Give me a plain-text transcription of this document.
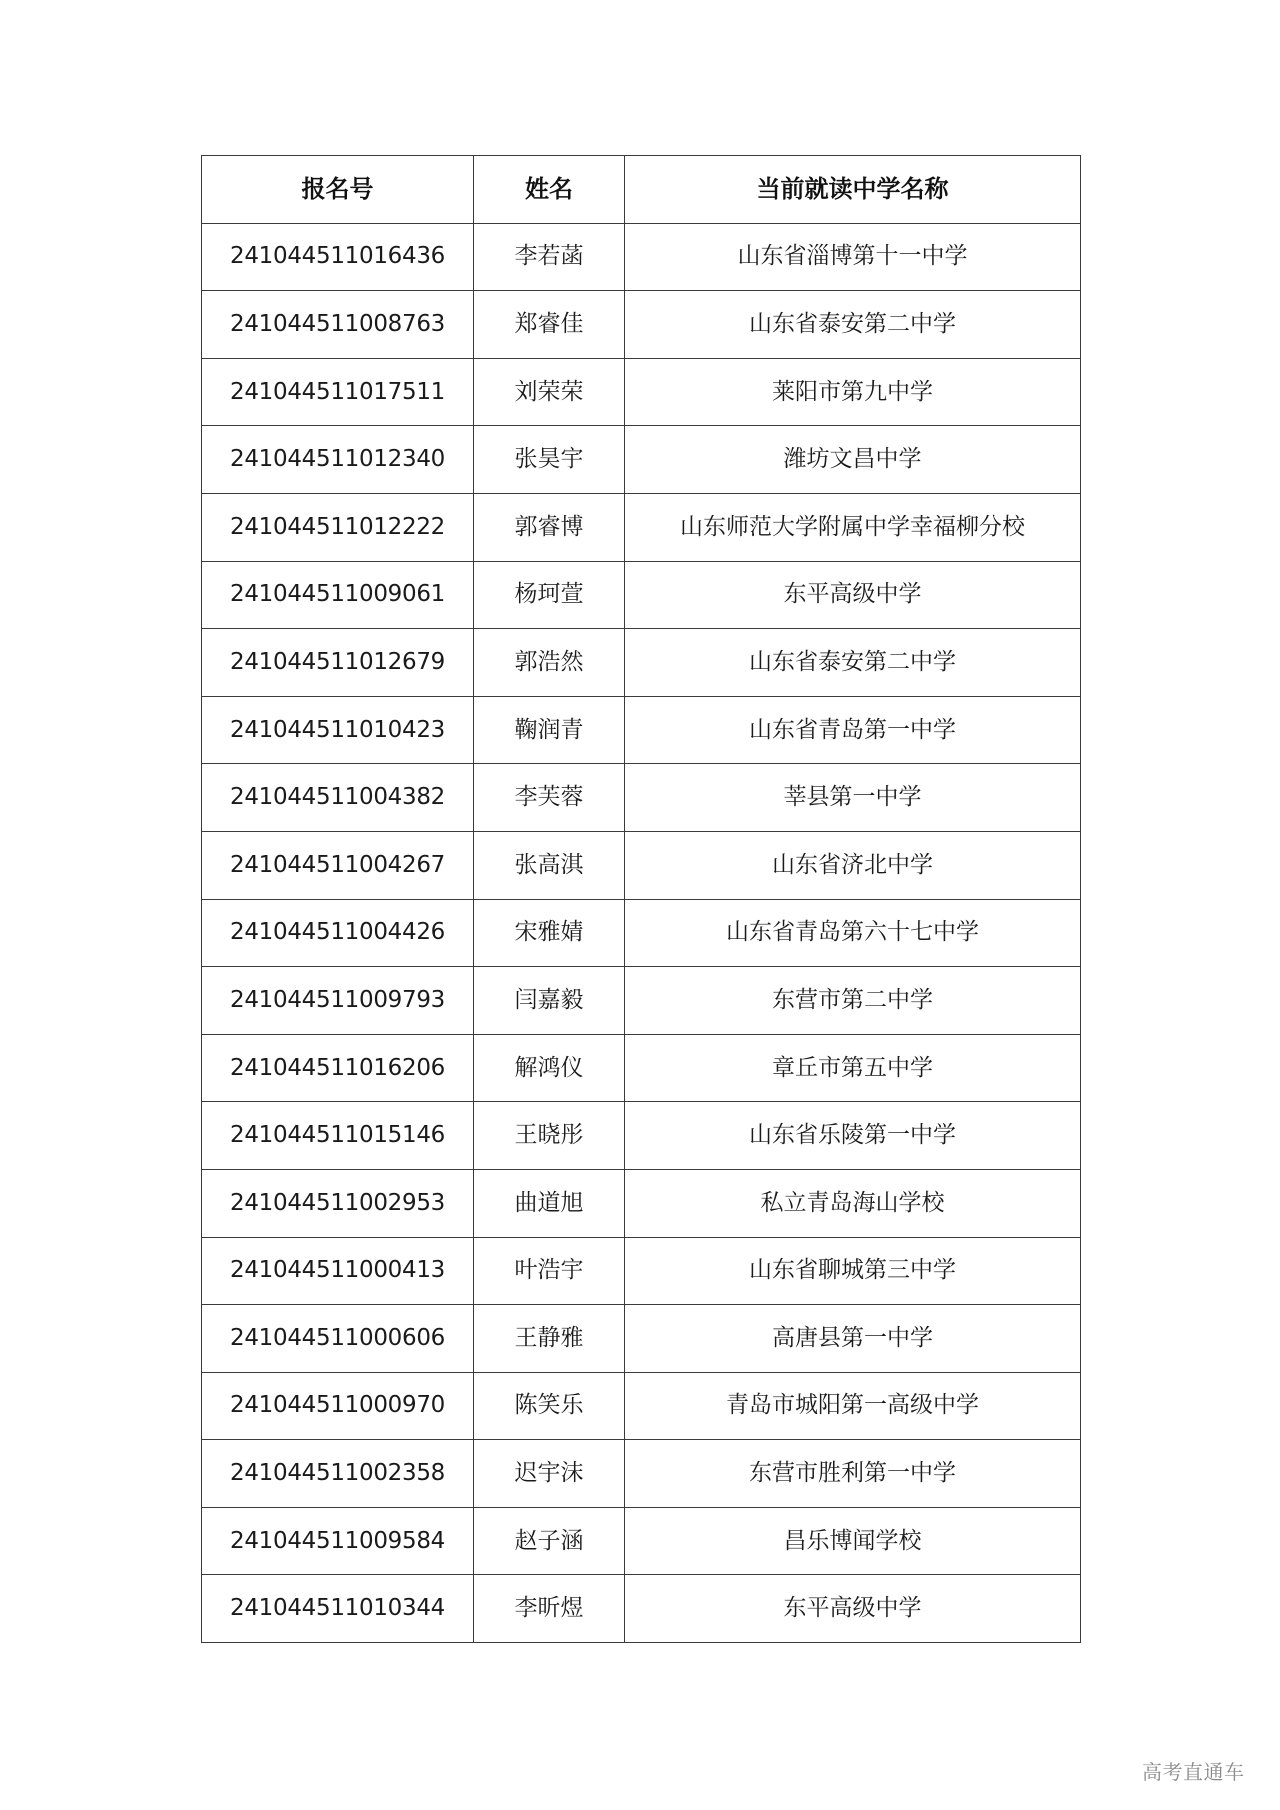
报名号	姓名	当前就读中学名称
241044511016436	李若菡	山东省淄博第十一中学
241044511008763	郑睿佳	山东省泰安第二中学
241044511017511	刘荣荣	莱阳市第九中学
241044511012340	张昊宇	潍坊文昌中学
241044511012222	郭睿博	山东师范大学附属中学幸福柳分校
241044511009061	杨珂萱	东平高级中学
241044511012679	郭浩然	山东省泰安第二中学
241044511010423	鞠润青	山东省青岛第一中学
241044511004382	李芙蓉	莘县第一中学
241044511004267	张高淇	山东省济北中学
241044511004426	宋雅婧	山东省青岛第六十七中学
241044511009793	闫嘉毅	东营市第二中学
241044511016206	解鸿仪	章丘市第五中学
241044511015146	王晓彤	山东省乐陵第一中学
241044511002953	曲道旭	私立青岛海山学校
241044511000413	叶浩宇	山东省聊城第三中学
241044511000606	王静雅	高唐县第一中学
241044511000970	陈笑乐	青岛市城阳第一高级中学
241044511002358	迟宇沫	东营市胜利第一中学
241044511009584	赵子涵	昌乐博闻学校
241044511010344	李昕煜	东平高级中学
高考直通车
